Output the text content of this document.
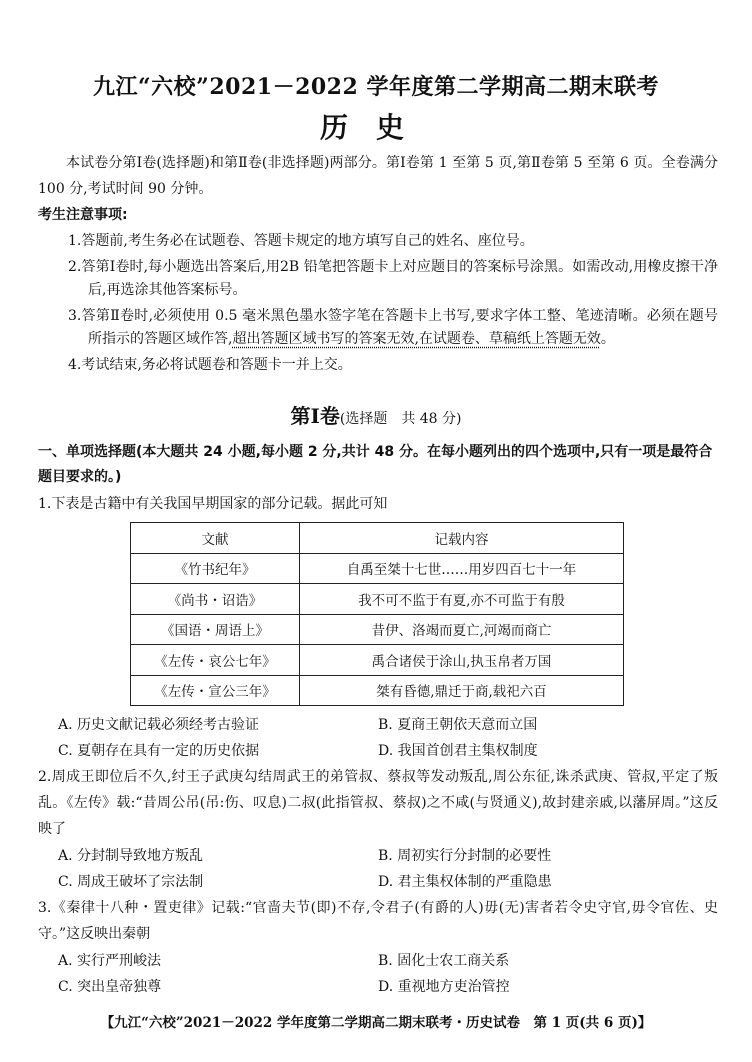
九江“六校”2021－2022 学年度第二学期高二期末联考
历史
本试卷分第Ⅰ卷(选择题)和第Ⅱ卷(非选择题)两部分。第Ⅰ卷第 1 至第 5 页,第Ⅱ卷第 5 至第 6 页。全卷满分 100 分,考试时间 90 分钟。
考生注意事项:
1.答题前,考生务必在试题卷、答题卡规定的地方填写自己的姓名、座位号。
2.答第Ⅰ卷时,每小题选出答案后,用2B 铅笔把答题卡上对应题目的答案标号涂黑。如需改动,用橡皮擦干净后,再选涂其他答案标号。
3.答第Ⅱ卷时,必须使用 0.5 毫米黑色墨水签字笔在答题卡上书写,要求字体工整、笔迹清晰。必须在题号所指示的答题区域作答,超出答题区域书写的答案无效,在试题卷、草稿纸上答题无效。
4.考试结束,务必将试题卷和答题卡一并上交。
第Ⅰ卷(选择题　共 48 分)
一、单项选择题(本大题共 24 小题,每小题 2 分,共计 48 分。在每小题列出的四个选项中,只有一项是最符合题目要求的。)
1.下表是古籍中有关我国早期国家的部分记载。据此可知
文献	记载内容
《竹书纪年》	自禹至桀十七世……用岁四百七十一年
《尚书・诏诰》	我不可不监于有夏,亦不可监于有殷
《国语・周语上》	昔伊、洛竭而夏亡,河竭而商亡
《左传・哀公七年》	禹合诸侯于涂山,执玉帛者万国
《左传・宣公三年》	桀有昏德,鼎迁于商,载祀六百
A. 历史文献记载必须经考古验证	B. 夏商王朝依天意而立国
C. 夏朝存在具有一定的历史依据	D. 我国首创君主集权制度
2.周成王即位后不久,纣王子武庚勾结周武王的弟管叔、蔡叔等发动叛乱,周公东征,诛杀武庚、管叔,平定了叛乱。《左传》载:“昔周公吊(吊:伤、叹息)二叔(此指管叔、蔡叔)之不咸(与贤通义),故封建亲戚,以藩屏周。”这反映了
A. 分封制导致地方叛乱	B. 周初实行分封制的必要性
C. 周成王破坏了宗法制	D. 君主集权体制的严重隐患
3.《秦律十八种・置吏律》记载:“官啬夫节(即)不存,令君子(有爵的人)毋(无)害者若令史守官,毋令官佐、史守。”这反映出秦朝
A. 实行严刑峻法	B. 固化士农工商关系
C. 突出皇帝独尊	D. 重视地方吏治管控
【九江“六校”2021－2022 学年度第二学期高二期末联考・历史试卷　第 1 页(共 6 页)】
